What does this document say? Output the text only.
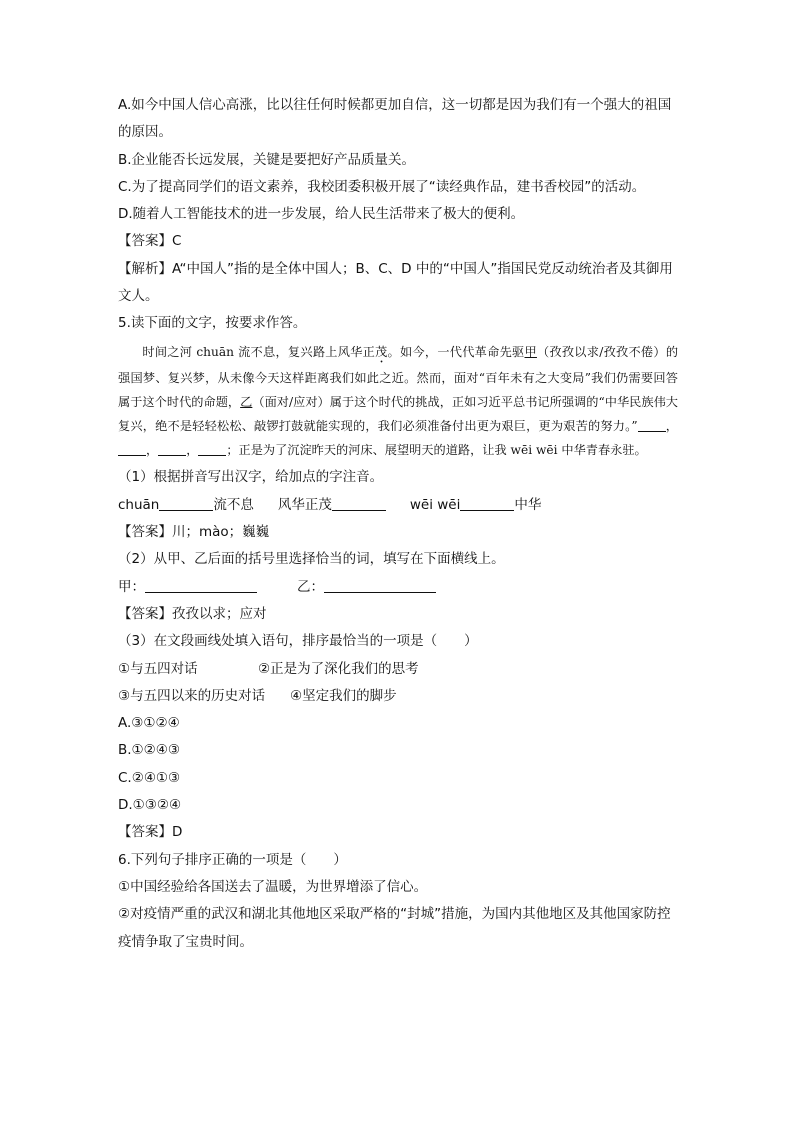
A.如今中国人信心高涨，比以往任何时候都更加自信，这一切都是因为我们有一个强大的祖国的原因。
B.企业能否长远发展，关键是要把好产品质量关。
C.为了提高同学们的语文素养，我校团委积极开展了“读经典作品，建书香校园”的活动。
D.随着人工智能技术的进一步发展，给人民生活带来了极大的便利。
【答案】C
【解析】A“中国人”指的是全体中国人；B、C、D 中的“中国人”指国民党反动统治者及其御用文人。
5.读下面的文字，按要求作答。
时间之河 chuān 流不息，复兴路上风华正茂。如今，一代代革命先驱甲（孜孜以求/孜孜不倦）的强国梦、复兴梦，从未像今天这样距离我们如此之近。然而，面对“百年未有之大变局”我们仍需要回答属于这个时代的命题，乙（面对/应对）属于这个时代的挑战，正如习近平总书记所强调的“中华民族伟大复兴，绝不是轻轻松松、敲锣打鼓就能实现的，我们必须准备付出更为艰巨，更为艰苦的努力。” ，， ， ；正是为了沉淀昨天的河床、展望明天的道路，让我 wēi wēi 中华青春永驻。
（1）根据拼音写出汉字，给加点的字注音。
chuān	流不息 风华正茂	wēi wēi	中华
【答案】川；mào；巍巍
（2）从甲、乙后面的括号里选择恰当的词，填写在下面横线上。
甲：	乙：
【答案】孜孜以求；应对
（3）在文段画线处填入语句，排序最恰当的一项是（　　）
①与五四对话	②正是为了深化我们的思考
③与五四以来的历史对话 ④坚定我们的脚步
A.③①②④
B.①②④③
C.②④①③
D.①③②④
【答案】D
6.下列句子排序正确的一项是（　　）
①中国经验给各国送去了温暖，为世界增添了信心。
②对疫情严重的武汉和湖北其他地区采取严格的“封城”措施，为国内其他地区及其他国家防控疫情争取了宝贵时间。
